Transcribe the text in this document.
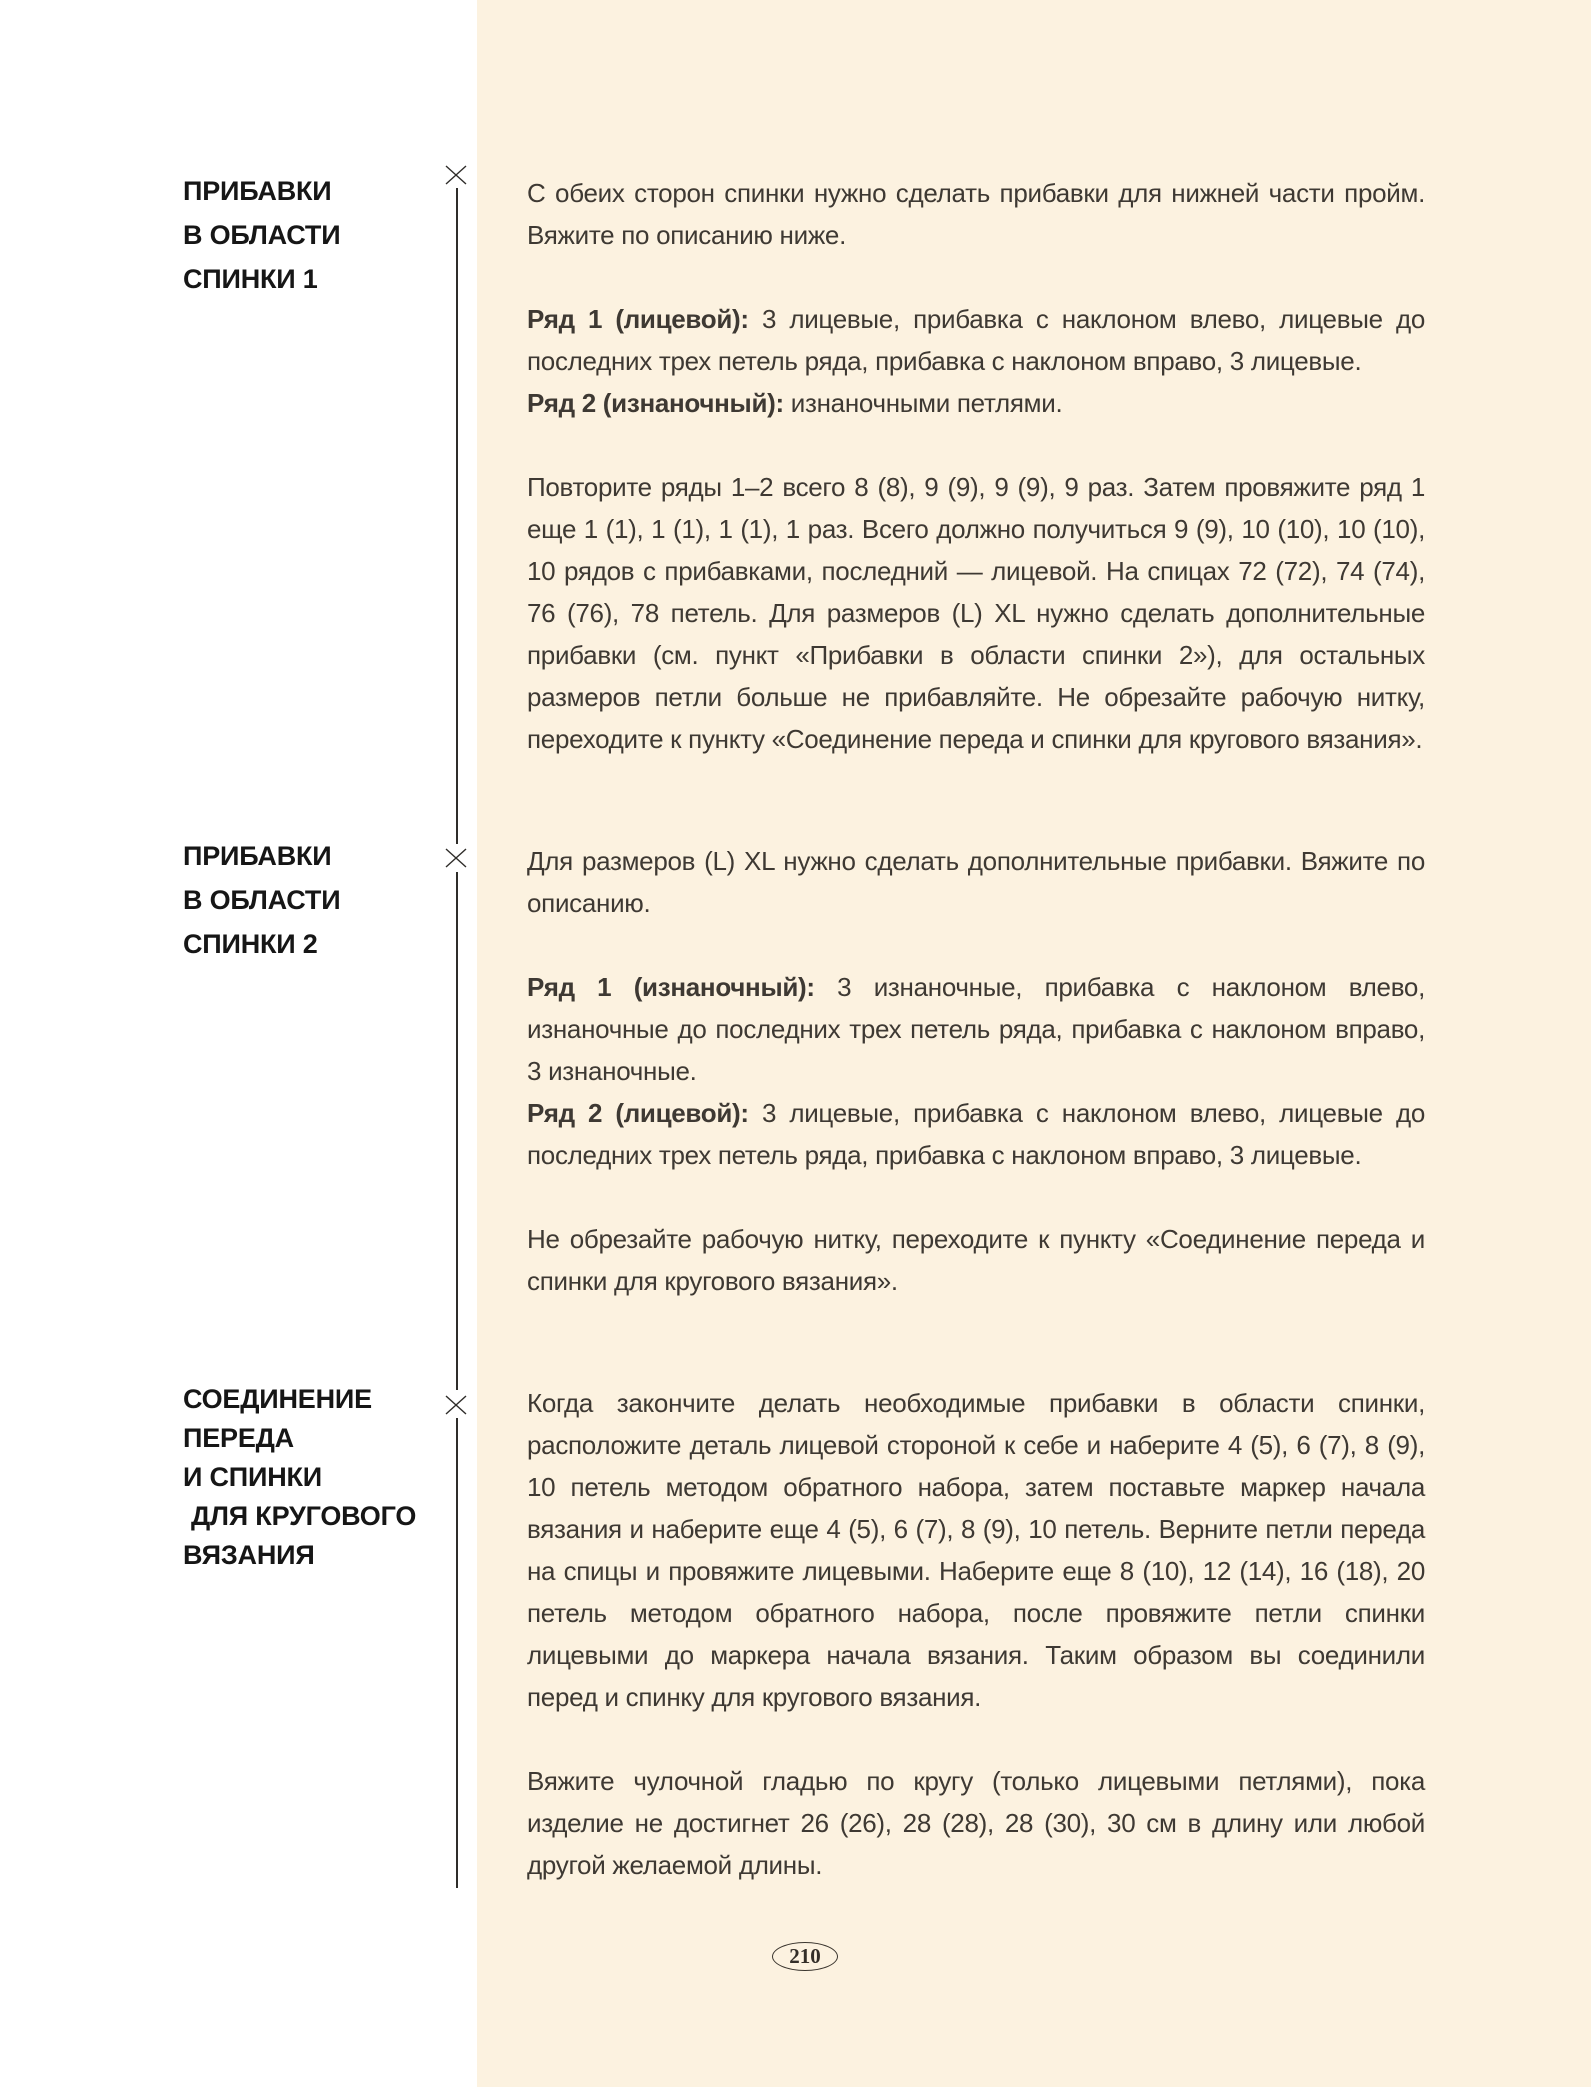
ПРИБАВКИ
В ОБЛАСТИ
СПИНКИ 1

С обеих сторон спинки нужно сделать прибавки для нижней части пройм. Вяжите по описанию ниже.

Ряд 1 (лицевой): 3 лицевые, прибавка с наклоном влево, лицевые до последних трех петель ряда, прибавка с наклоном вправо, 3 лицевые.
Ряд 2 (изнаночный): изнаночными петлями.

Повторите ряды 1–2 всего 8 (8), 9 (9), 9 (9), 9 раз. Затем провяжите ряд 1 еще 1 (1), 1 (1), 1 (1), 1 раз. Всего должно получиться 9 (9), 10 (10), 10 (10), 10 рядов с прибавками, последний — лицевой. На спицах 72 (72), 74 (74), 76 (76), 78 петель. Для размеров (L) XL нужно сделать дополнительные прибавки (см. пункт «Прибавки в области спинки 2»), для остальных размеров петли больше не прибавляйте. Не обрезайте рабочую нитку, переходите к пункту «Соединение переда и спинки для кругового вязания».

ПРИБАВКИ
В ОБЛАСТИ
СПИНКИ 2

Для размеров (L) XL нужно сделать дополнительные прибавки. Вяжите по описанию.

Ряд 1 (изнаночный): 3 изнаночные, прибавка с наклоном влево, изнаночные до последних трех петель ряда, прибавка с наклоном вправо, 3 изнаночные.
Ряд 2 (лицевой): 3 лицевые, прибавка с наклоном влево, лицевые до последних трех петель ряда, прибавка с наклоном вправо, 3 лицевые.

Не обрезайте рабочую нитку, переходите к пункту «Соединение переда и спинки для кругового вязания».

СОЕДИНЕНИЕ
ПЕРЕДА
И СПИНКИ
ДЛЯ КРУГОВОГО
ВЯЗАНИЯ

Когда закончите делать необходимые прибавки в области спинки, расположите деталь лицевой стороной к себе и наберите 4 (5), 6 (7), 8 (9), 10 петель методом обратного набора, затем поставьте маркер начала вязания и наберите еще 4 (5), 6 (7), 8 (9), 10 петель. Верните петли переда на спицы и провяжите лицевыми. Наберите еще 8 (10), 12 (14), 16 (18), 20 петель методом обратного набора, после провяжите петли спинки лицевыми до маркера начала вязания. Таким образом вы соединили перед и спинку для кругового вязания.

Вяжите чулочной гладью по кругу (только лицевыми петлями), пока изделие не достигнет 26 (26), 28 (28), 28 (30), 30 см в длину или любой другой желаемой длины.

210
